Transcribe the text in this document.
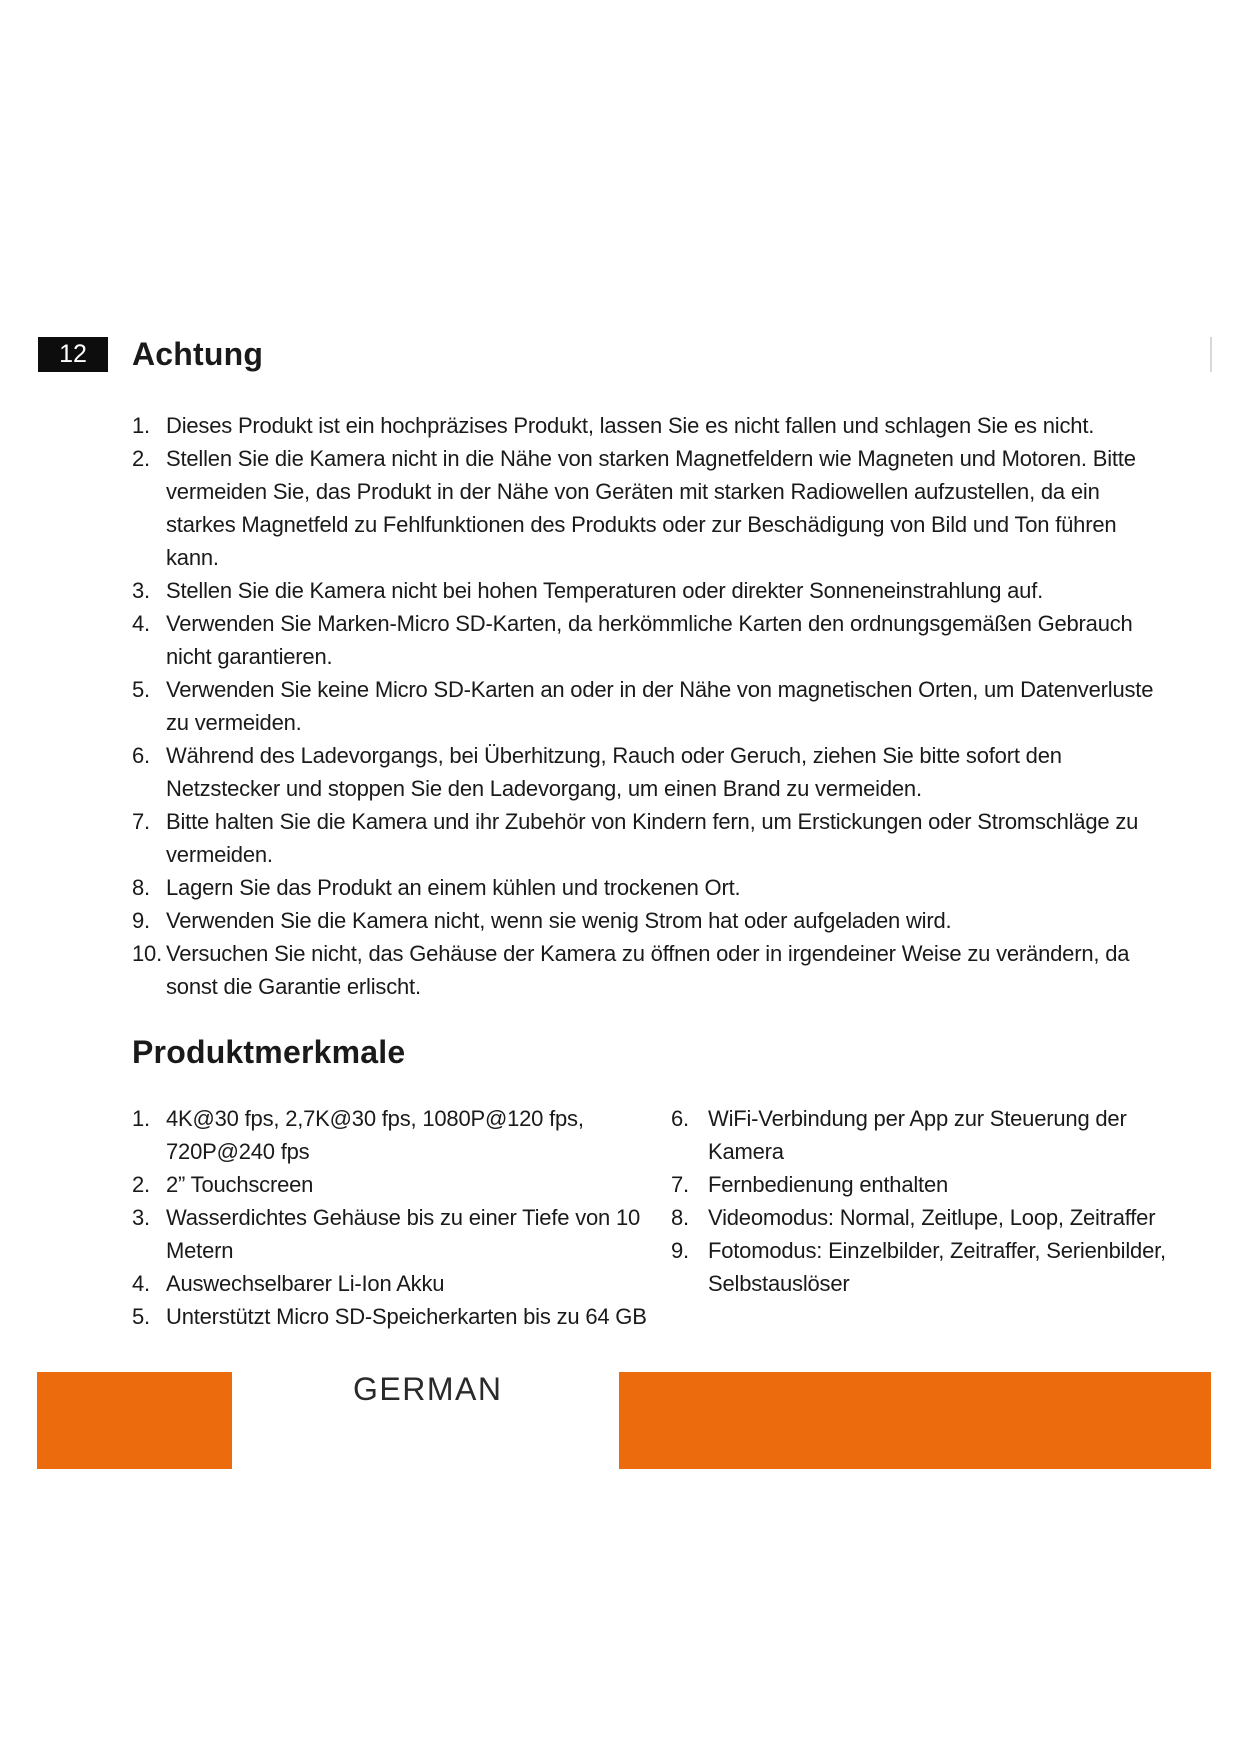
12	Achtung
1. Dieses Produkt ist ein hochpräzises Produkt, lassen Sie es nicht fallen und schlagen Sie es nicht.
2. Stellen Sie die Kamera nicht in die Nähe von starken Magnetfeldern wie Magneten und Motoren. Bitte vermeiden Sie, das Produkt in der Nähe von Geräten mit starken Radiowellen aufzustellen, da ein starkes Magnetfeld zu Fehlfunktionen des Produkts oder zur Beschädigung von Bild und Ton führen kann.
3. Stellen Sie die Kamera nicht bei hohen Temperaturen oder direkter Sonneneinstrahlung auf.
4. Verwenden Sie Marken-Micro SD-Karten, da herkömmliche Karten den ordnungsgemäßen Gebrauch nicht garantieren.
5. Verwenden Sie keine Micro SD-Karten an oder in der Nähe von magnetischen Orten, um Datenverluste zu vermeiden.
6. Während des Ladevorgangs, bei Überhitzung, Rauch oder Geruch, ziehen Sie bitte sofort den Netzstecker und stoppen Sie den Ladevorgang, um einen Brand zu vermeiden.
7. Bitte halten Sie die Kamera und ihr Zubehör von Kindern fern, um Erstickungen oder Stromschläge zu vermeiden.
8. Lagern Sie das Produkt an einem kühlen und trockenen Ort.
9. Verwenden Sie die Kamera nicht, wenn sie wenig Strom hat oder aufgeladen wird.
10. Versuchen Sie nicht, das Gehäuse der Kamera zu öffnen oder in irgendeiner Weise zu verändern, da sonst die Garantie erlischt.
Produktmerkmale
1. 4K@30 fps, 2,7K@30 fps, 1080P@120 fps, 720P@240 fps
2. 2” Touchscreen
3. Wasserdichtes Gehäuse bis zu einer Tiefe von 10 Metern
4. Auswechselbarer Li-Ion Akku
5. Unterstützt Micro SD-Speicherkarten bis zu 64 GB
6. WiFi-Verbindung per App zur Steuerung der Kamera
7. Fernbedienung enthalten
8. Videomodus: Normal, Zeitlupe, Loop, Zeitraffer
9. Fotomodus: Einzelbilder, Zeitraffer, Serienbilder, Selbstauslöser
GERMAN
